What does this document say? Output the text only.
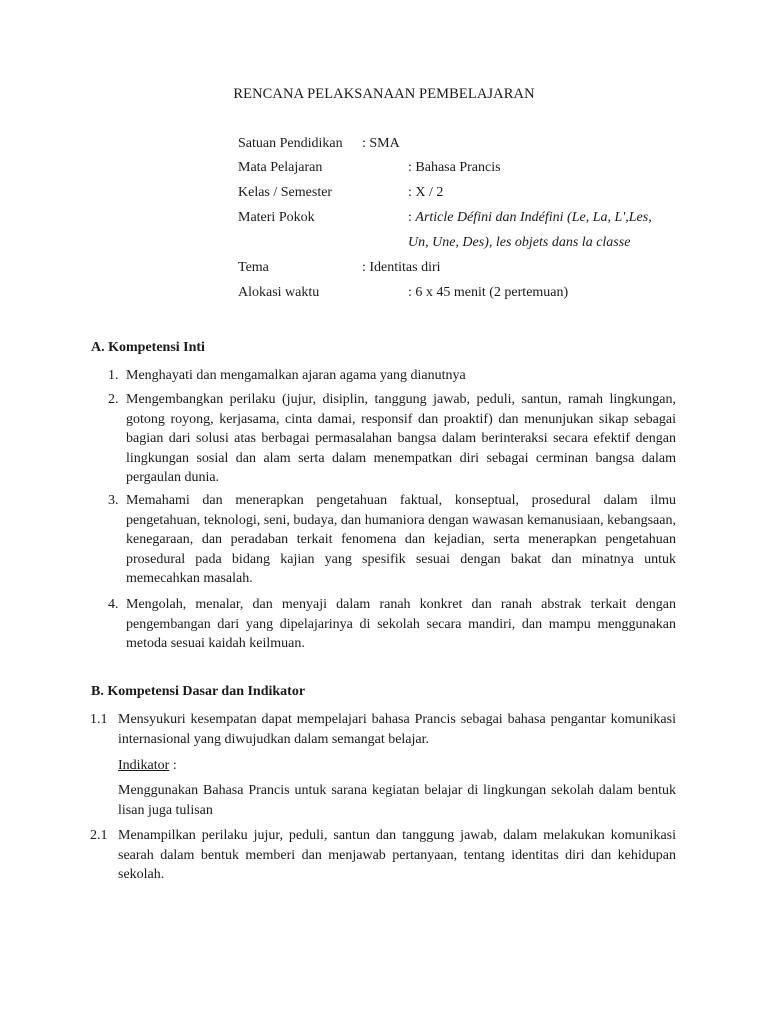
RENCANA PELAKSANAAN PEMBELAJARAN
Satuan Pendidikan : SMA
Mata Pelajaran	: Bahasa Prancis
Kelas / Semester	: X / 2
Materi Pokok	: Article Défini dan Indéfini (Le, La, L',Les,
Un, Une, Des), les objets dans la classe
Tema	: Identitas diri
Alokasi waktu	: 6 x 45 menit (2 pertemuan)
A. Kompetensi Inti
1. Menghayati dan mengamalkan ajaran agama yang dianutnya
2. Mengembangkan perilaku (jujur, disiplin, tanggung jawab, peduli, santun, ramah lingkungan, gotong royong, kerjasama, cinta damai, responsif dan proaktif) dan menunjukan sikap sebagai bagian dari solusi atas berbagai permasalahan bangsa dalam berinteraksi secara efektif dengan lingkungan sosial dan alam serta dalam menempatkan diri sebagai cerminan bangsa dalam pergaulan dunia.
3. Memahami dan menerapkan pengetahuan faktual, konseptual, prosedural dalam ilmu pengetahuan, teknologi, seni, budaya, dan humaniora dengan wawasan kemanusiaan, kebangsaan, kenegaraan, dan peradaban terkait fenomena dan kejadian, serta menerapkan pengetahuan prosedural pada bidang kajian yang spesifik sesuai dengan bakat dan minatnya untuk memecahkan masalah.
4. Mengolah, menalar, dan menyaji dalam ranah konkret dan ranah abstrak terkait dengan pengembangan dari yang dipelajarinya di sekolah secara mandiri, dan mampu menggunakan metoda sesuai kaidah keilmuan.
B. Kompetensi Dasar dan Indikator
1.1 Mensyukuri kesempatan dapat mempelajari bahasa Prancis sebagai bahasa pengantar komunikasi internasional yang diwujudkan dalam semangat belajar.
Indikator :
Menggunakan Bahasa Prancis untuk sarana kegiatan belajar di lingkungan sekolah dalam bentuk lisan juga tulisan
2.1 Menampilkan perilaku jujur, peduli, santun dan tanggung jawab, dalam melakukan komunikasi searah dalam bentuk memberi dan menjawab pertanyaan, tentang identitas diri dan kehidupan sekolah.
